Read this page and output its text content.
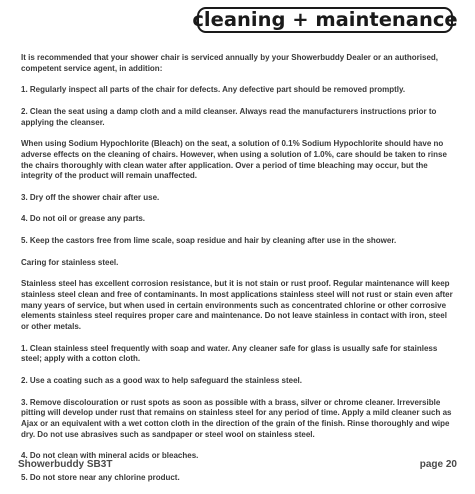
cleaning + maintenance

It is recommended that your shower chair is serviced annually by your Showerbuddy Dealer or an authorised, competent service agent, in addition:

1. Regularly inspect all parts of the chair for defects. Any defective part should be removed promptly.

2. Clean the seat using a damp cloth and a mild cleanser. Always read the manufacturers instructions prior to applying the cleanser.

When using Sodium Hypochlorite (Bleach) on the seat, a solution of 0.1% Sodium Hypochlorite should have no adverse effects on the cleaning of chairs. However, when using a solution of 1.0%, care should be taken to rinse the chairs thoroughly with clean water after application. Over a period of time bleaching may occur, but the integrity of the product will remain unaffected.

3. Dry off the shower chair after use.

4. Do not oil or grease any parts.

5. Keep the castors free from lime scale, soap residue and hair by cleaning after use in the shower.

Caring for stainless steel.

Stainless steel has excellent corrosion resistance, but it is not stain or rust proof. Regular maintenance will keep stainless steel clean and free of contaminants. In most applications stainless steel will not rust or stain even after many years of service, but when used in certain environments such as concentrated chlorine or other corrosive elements stainless steel requires proper care and maintenance. Do not leave stainless in contact with iron, steel or other metals.

1. Clean stainless steel frequently with soap and water. Any cleaner safe for glass is usually safe for stainless steel; apply with a cotton cloth.

2. Use a coating such as a good wax to help safeguard the stainless steel.

3. Remove discolouration or rust spots as soon as possible with a brass, silver or chrome cleaner. Irreversible pitting will develop under rust that remains on stainless steel for any period of time. Apply a mild cleaner such as Ajax or an equivalent with a wet cotton cloth in the direction of the grain of the finish. Rinse thoroughly and wipe dry. Do not use abrasives such as sandpaper or steel wool on stainless steel.

4. Do not clean with mineral acids or bleaches.

5. Do not store near any chlorine product.

Showerbuddy SB3T	page 20
